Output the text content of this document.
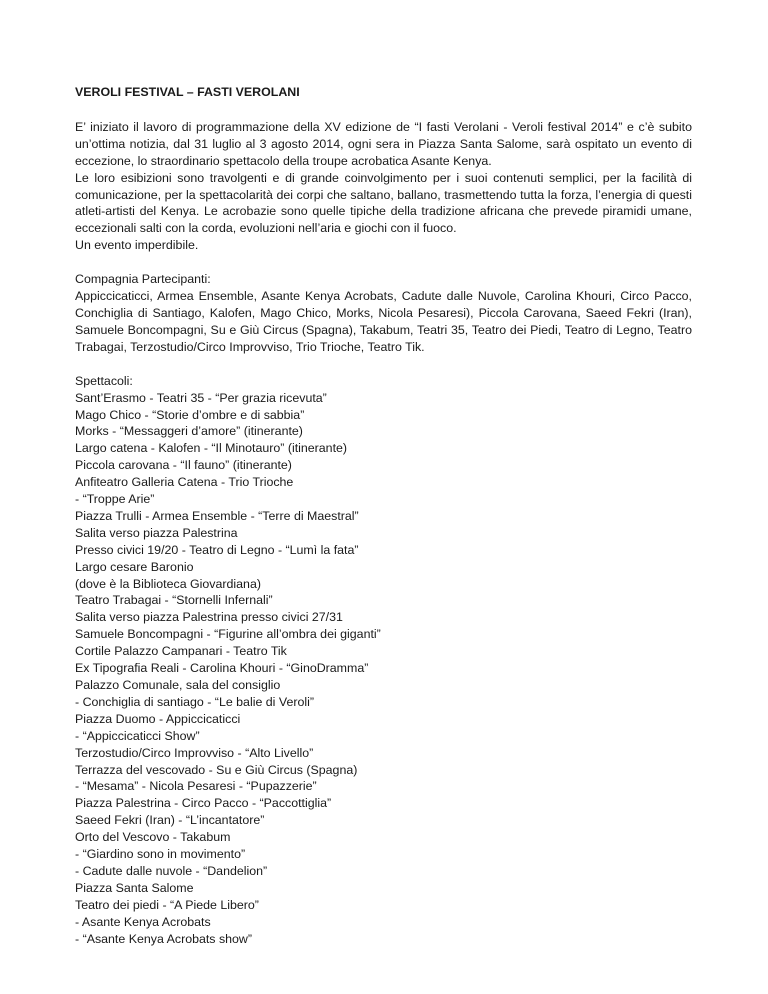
VEROLI FESTIVAL – FASTI VEROLANI

E’ iniziato il lavoro di programmazione della XV edizione de “I fasti Verolani - Veroli festival 2014” e c’è subito un’ottima notizia, dal 31 luglio al 3 agosto 2014, ogni sera in Piazza Santa Salome, sarà ospitato un evento di eccezione, lo straordinario spettacolo della troupe acrobatica Asante Kenya.

Le loro esibizioni sono travolgenti e di grande coinvolgimento per i suoi contenuti semplici, per la facilità di comunicazione, per la spettacolarità dei corpi che saltano, ballano, trasmettendo tutta la forza, l’energia di questi atleti-artisti del Kenya. Le acrobazie sono quelle tipiche della tradizione africana che prevede piramidi umane, eccezionali salti con la corda, evoluzioni nell’aria e giochi con il fuoco.

Un evento imperdibile.

Compagnia Partecipanti:

Appiccicaticci, Armea Ensemble, Asante Kenya Acrobats, Cadute dalle Nuvole, Carolina Khouri, Circo Pacco, Conchiglia di Santiago, Kalofen, Mago Chico, Morks, Nicola Pesaresi), Piccola Carovana, Saeed Fekri (Iran), Samuele Boncompagni, Su e Giù Circus (Spagna), Takabum, Teatri 35, Teatro dei Piedi, Teatro di Legno, Teatro Trabagai, Terzostudio/Circo Improvviso, Trio Trioche, Teatro Tik.

Spettacoli:

Sant’Erasmo - Teatri 35 - “Per grazia ricevuta”
Mago Chico - “Storie d’ombre e di sabbia”
Morks - “Messaggeri d’amore” (itinerante)
Largo catena - Kalofen - “Il Minotauro” (itinerante)
Piccola carovana - “Il fauno” (itinerante)
Anfiteatro Galleria Catena - Trio Trioche
- “Troppe Arie”
Piazza Trulli - Armea Ensemble - “Terre di Maestral”
Salita verso piazza Palestrina
Presso civici 19/20 - Teatro di Legno - “Lumì la fata”
Largo cesare Baronio
(dove è la Biblioteca Giovardiana)
Teatro Trabagai - “Stornelli Infernali”
Salita verso piazza Palestrina presso civici 27/31
Samuele Boncompagni - “Figurine all’ombra dei giganti”
Cortile Palazzo Campanari - Teatro Tik
Ex Tipografia Reali - Carolina Khouri - “GinoDramma”
Palazzo Comunale, sala del consiglio
- Conchiglia di santiago - “Le balie di Veroli”
Piazza Duomo - Appiccicaticci
- “Appiccicaticci Show”
Terzostudio/Circo Improvviso - “Alto Livello”
Terrazza del vescovado - Su e Giù Circus (Spagna)
- “Mesama” - Nicola Pesaresi - “Pupazzerie”
Piazza Palestrina - Circo Pacco - “Paccottiglia”
Saeed Fekri (Iran) - “L’incantatore”
Orto del Vescovo - Takabum
- “Giardino sono in movimento”
- Cadute dalle nuvole - “Dandelion”
Piazza Santa Salome
Teatro dei piedi - “A Piede Libero”
- Asante Kenya Acrobats
- “Asante Kenya Acrobats show”
